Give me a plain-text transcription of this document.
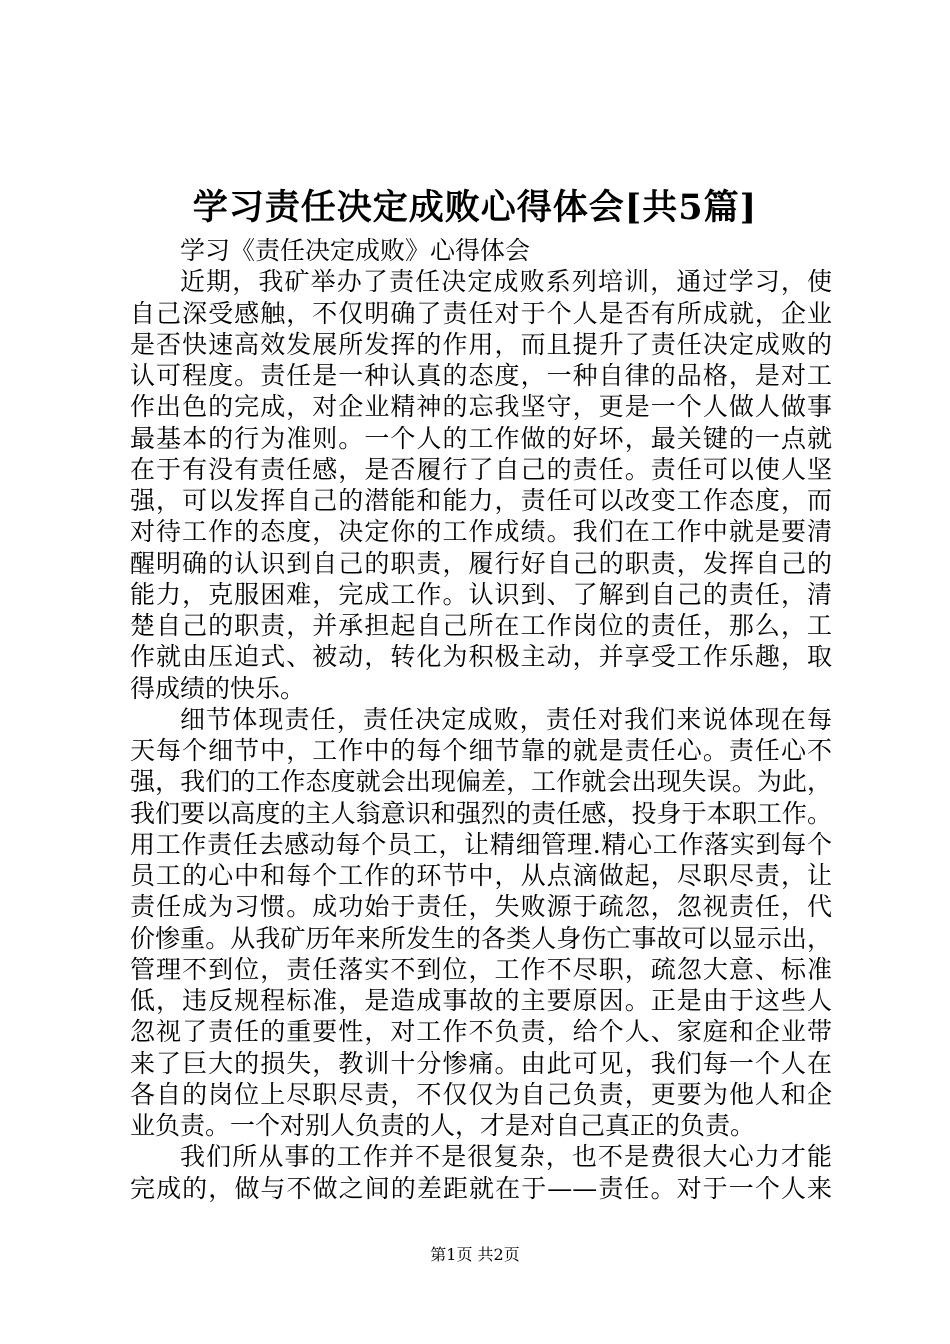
学习责任决定成败心得体会[共5篇]
学习《责任决定成败》心得体会
近期，我矿举办了责任决定成败系列培训，通过学习，使
自己深受感触，不仅明确了责任对于个人是否有所成就，企业
是否快速高效发展所发挥的作用，而且提升了责任决定成败的
认可程度。责任是一种认真的态度，一种自律的品格，是对工
作出色的完成，对企业精神的忘我坚守，更是一个人做人做事
最基本的行为准则。一个人的工作做的好坏，最关键的一点就
在于有没有责任感，是否履行了自己的责任。责任可以使人坚
强，可以发挥自己的潜能和能力，责任可以改变工作态度，而
对待工作的态度，决定你的工作成绩。我们在工作中就是要清
醒明确的认识到自己的职责，履行好自己的职责，发挥自己的
能力，克服困难，完成工作。认识到、了解到自己的责任，清
楚自己的职责，并承担起自己所在工作岗位的责任，那么，工
作就由压迫式、被动，转化为积极主动，并享受工作乐趣，取
得成绩的快乐。
细节体现责任，责任决定成败，责任对我们来说体现在每
天每个细节中，工作中的每个细节靠的就是责任心。责任心不
强，我们的工作态度就会出现偏差，工作就会出现失误。为此，
我们要以高度的主人翁意识和强烈的责任感，投身于本职工作。
用工作责任去感动每个员工，让精细管理.精心工作落实到每个
员工的心中和每个工作的环节中，从点滴做起，尽职尽责，让
责任成为习惯。成功始于责任，失败源于疏忽，忽视责任，代
价惨重。从我矿历年来所发生的各类人身伤亡事故可以显示出，
管理不到位，责任落实不到位，工作不尽职，疏忽大意、标准
低，违反规程标准，是造成事故的主要原因。正是由于这些人
忽视了责任的重要性，对工作不负责，给个人、家庭和企业带
来了巨大的损失，教训十分惨痛。由此可见，我们每一个人在
各自的岗位上尽职尽责，不仅仅为自己负责，更要为他人和企
业负责。一个对别人负责的人，才是对自己真正的负责。
我们所从事的工作并不是很复杂，也不是费很大心力才能
完成的，做与不做之间的差距就在于——责任。对于一个人来
第1页 共2页
